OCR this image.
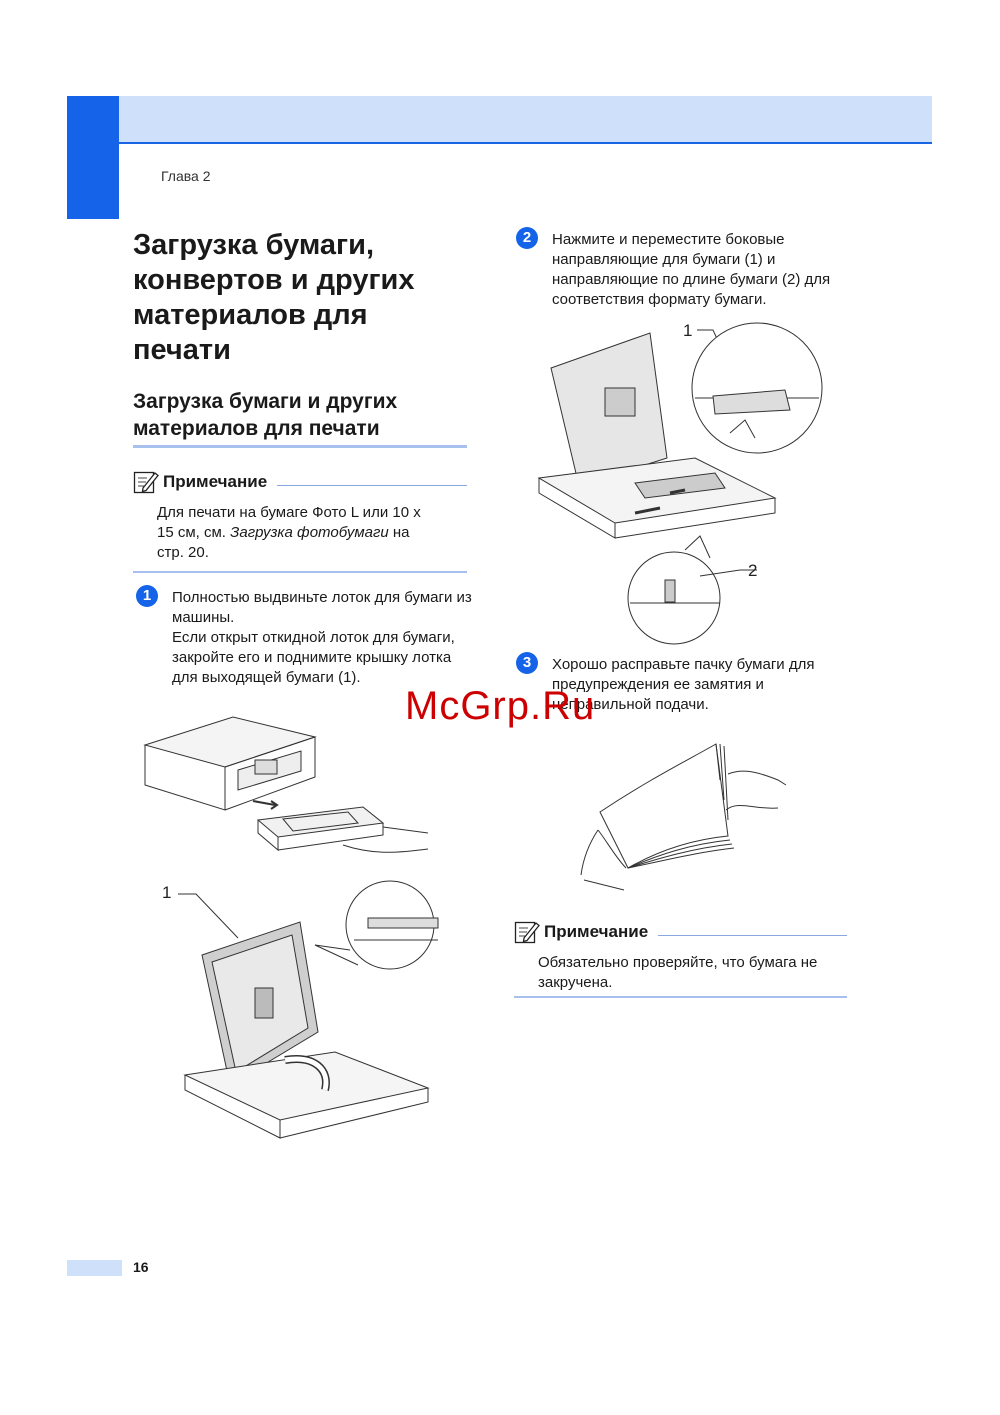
Глава 2
Загрузка бумаги, конвертов и других материалов для печати
Загрузка бумаги и других материалов для печати
Примечание
Для печати на бумаге Фото L или 10 x 15 см, см. Загрузка фотобумаги на стр. 20.
1	Полностью выдвиньте лоток для бумаги из машины.
Если открыт откидной лоток для бумаги, закройте его и поднимите крышку лотка для выходящей бумаги (1).
1
2	Нажмите и переместите боковые направляющие для бумаги (1) и направляющие по длине бумаги (2) для соответствия формату бумаги.
1
2
3	Хорошо расправьте пачку бумаги для предупреждения ее замятия и неправильной подачи.
Примечание
Обязательно проверяйте, что бумага не закручена.
McGrp.Ru
16
